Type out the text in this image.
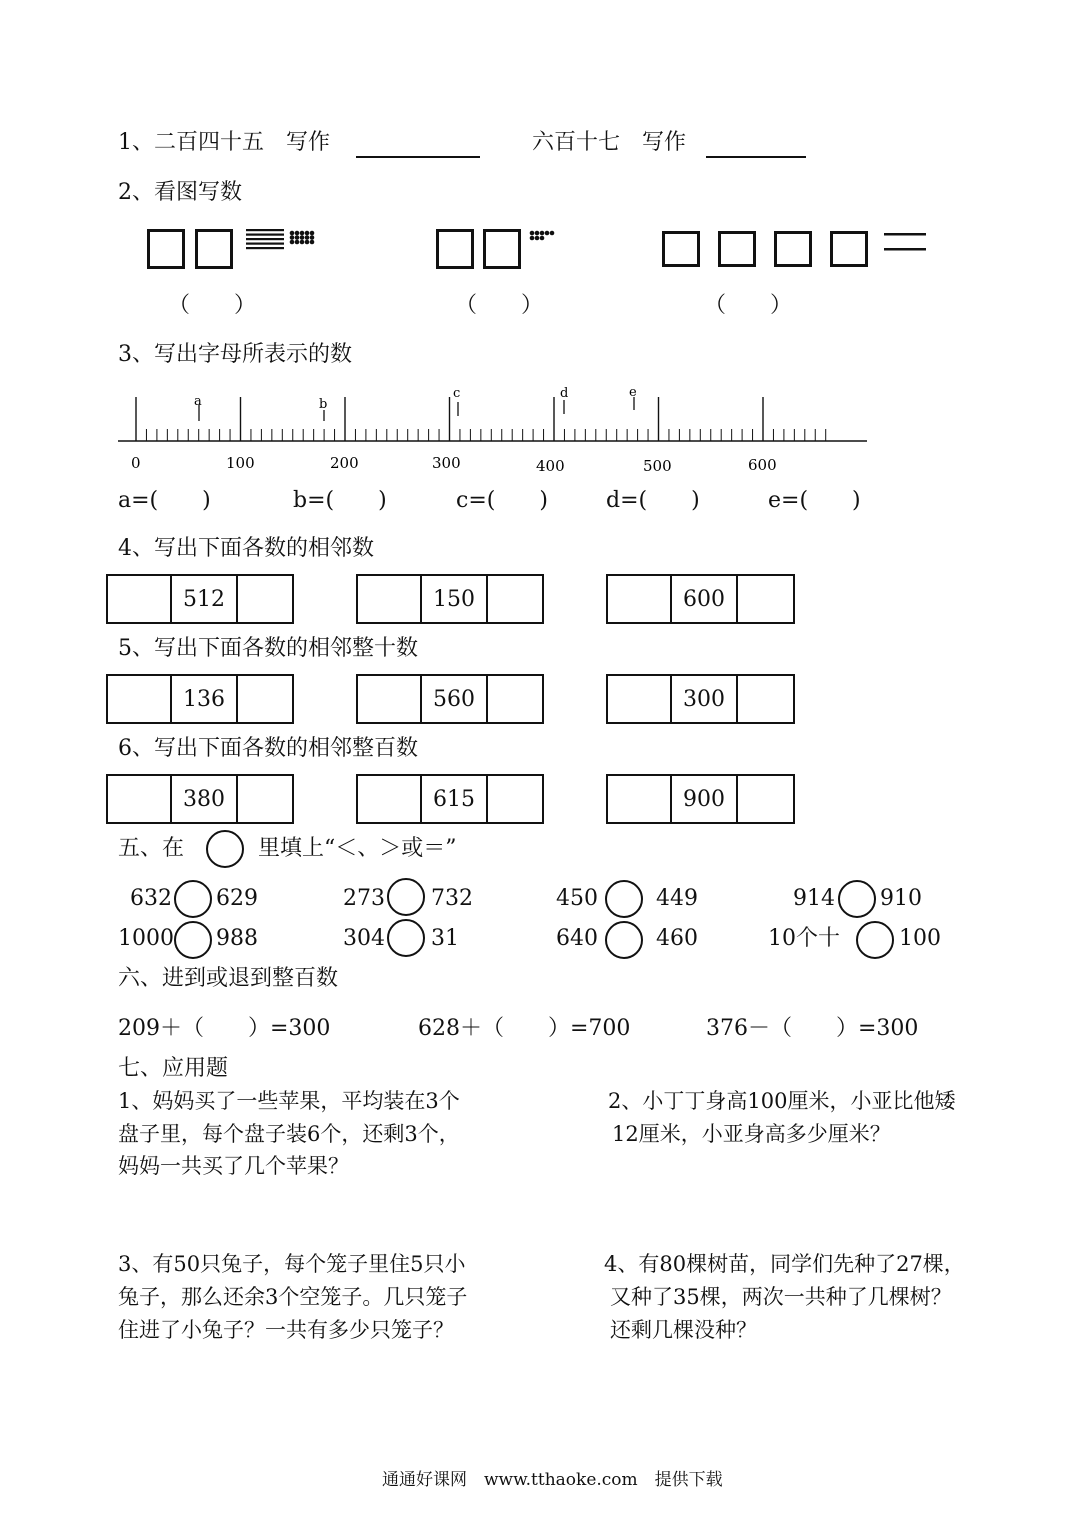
1、二百四十五　写作	六百十七　写作
2、看图写数
（　　）	（　　）	（　　）
3、写出字母所表示的数
a	b
c	d	e
0	100	200	300	400	500	600
a=(　　)	b=(　　)	c=(　　)	d=(　　)	e=(　　)
4、写出下面各数的相邻数
512	150	600
5、写出下面各数的相邻整十数
136	560	300
6、写出下面各数的相邻整百数
380	615	900
五、在	里填上“＜、＞或＝”
632 629	273 732	450	449	914 910
1000 988	304 31	640	460	10个十	100
六、进到或退到整百数
209＋（　　）=300	628＋（　　）=700	376－（　　）=300
七、应用题
1、妈妈买了一些苹果，平均装在3个
盘子里，每个盘子装6个，还剩3个，
妈妈一共买了几个苹果？
2、小丁丁身高100厘米，小亚比他矮
12厘米，小亚身高多少厘米？
3、有50只兔子，每个笼子里住5只小
兔子，那么还余3个空笼子。几只笼子
住进了小兔子？一共有多少只笼子？
4、有80棵树苗，同学们先种了27棵，
又种了35棵，两次一共种了几棵树？
还剩几棵没种？
通通好课网　www.tthaoke.com　提供下载
